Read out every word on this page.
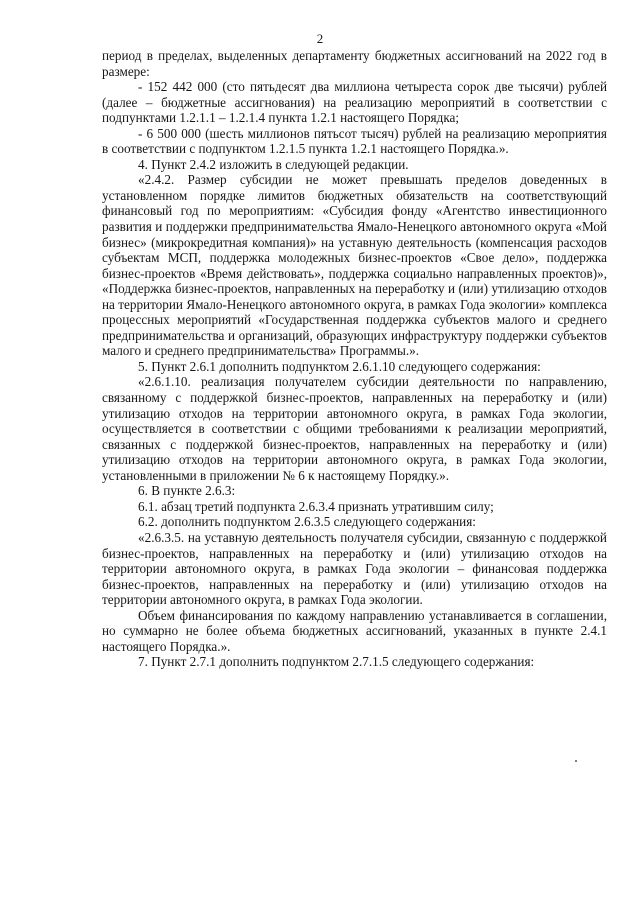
2

период в пределах, выделенных департаменту бюджетных ассигнований на 2022 год в размере:

- 152 442 000 (сто пятьдесят два миллиона четыреста сорок две тысячи) рублей (далее – бюджетные ассигнования) на реализацию мероприятий в соответствии с подпунктами 1.2.1.1 – 1.2.1.4 пункта 1.2.1 настоящего Порядка;

- 6 500 000 (шесть миллионов пятьсот тысяч) рублей на реализацию мероприятия в соответствии с подпунктом 1.2.1.5 пункта 1.2.1 настоящего Порядка.».

4. Пункт 2.4.2 изложить в следующей редакции.

«2.4.2. Размер субсидии не может превышать пределов доведенных в установленном порядке лимитов бюджетных обязательств на соответствующий финансовый год по мероприятиям: «Субсидия фонду «Агентство инвестиционного развития и поддержки предпринимательства Ямало-Ненецкого автономного округа «Мой бизнес» (микрокредитная компания)» на уставную деятельность (компенсация расходов субъектам МСП, поддержка молодежных бизнес-проектов «Свое дело», поддержка бизнес-проектов «Время действовать», поддержка социально направленных проектов)», «Поддержка бизнес-проектов, направленных на переработку и (или) утилизацию отходов на территории Ямало-Ненецкого автономного округа, в рамках Года экологии» комплекса процессных мероприятий «Государственная поддержка субъектов малого и среднего предпринимательства и организаций, образующих инфраструктуру поддержки субъектов малого и среднего предпринимательства» Программы.».

5. Пункт 2.6.1 дополнить подпунктом 2.6.1.10 следующего содержания:

«2.6.1.10. реализация получателем субсидии деятельности по направлению, связанному с поддержкой бизнес-проектов, направленных на переработку и (или) утилизацию отходов на территории автономного округа, в рамках Года экологии, осуществляется в соответствии с общими требованиями к реализации мероприятий, связанных с поддержкой бизнес-проектов, направленных на переработку и (или) утилизацию отходов на территории автономного округа, в рамках Года экологии, установленными в приложении № 6 к настоящему Порядку.».

6. В пункте 2.6.3:

6.1. абзац третий подпункта 2.6.3.4 признать утратившим силу;

6.2. дополнить подпунктом 2.6.3.5 следующего содержания:

«2.6.3.5. на уставную деятельность получателя субсидии, связанную с поддержкой бизнес-проектов, направленных на переработку и (или) утилизацию отходов на территории автономного округа, в рамках Года экологии – финансовая поддержка бизнес-проектов, направленных на переработку и (или) утилизацию отходов на территории автономного округа, в рамках Года экологии.

Объем финансирования по каждому направлению устанавливается в соглашении, но суммарно не более объема бюджетных ассигнований, указанных в пункте 2.4.1 настоящего Порядка.».

7. Пункт 2.7.1 дополнить подпунктом 2.7.1.5 следующего содержания:
